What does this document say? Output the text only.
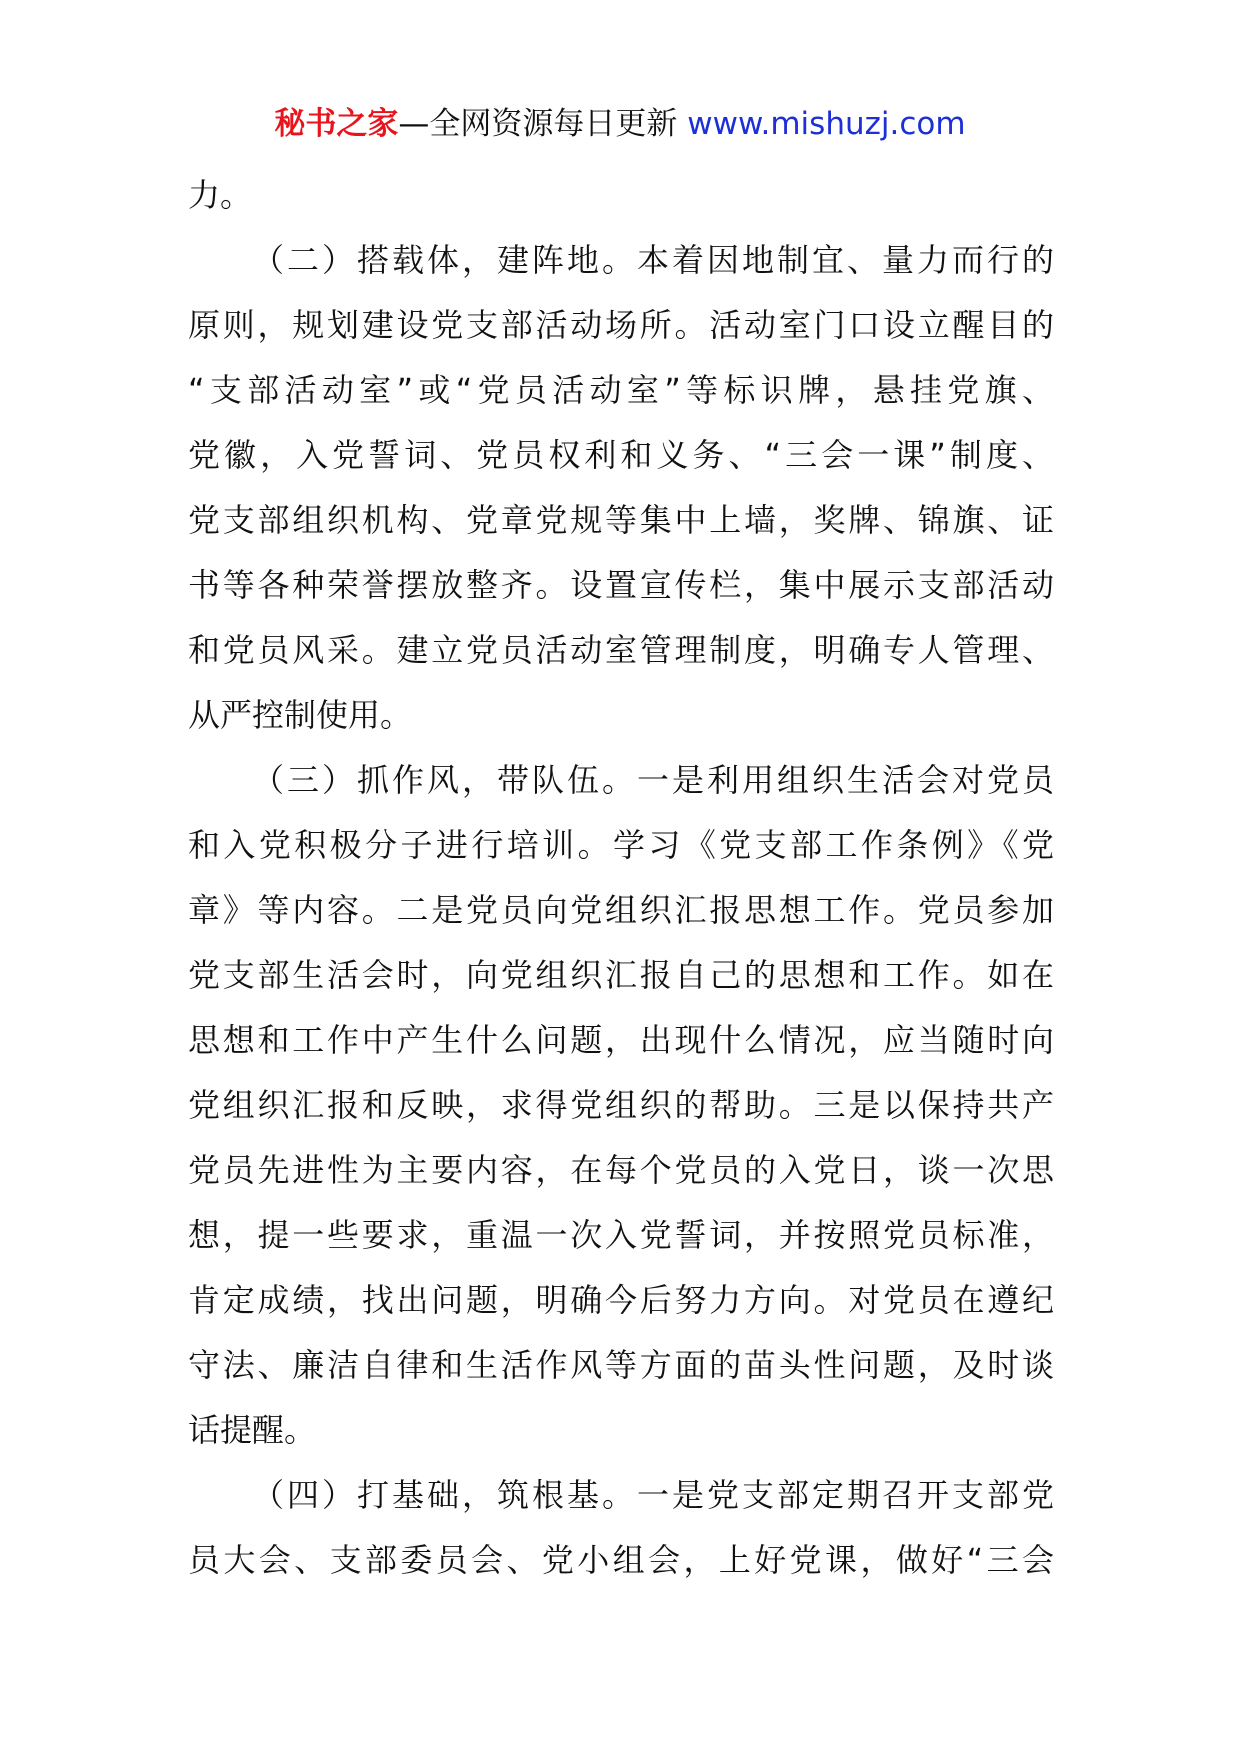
秘书之家—全网资源每日更新 www.mishuzj.com
力。
（二）搭载体，建阵地。本着因地制宜、量力而行的
原则，规划建设党支部活动场所。活动室门口设立醒目的
“支部活动室”或“党员活动室”等标识牌，悬挂党旗、
党徽，入党誓词、党员权利和义务、“三会一课”制度、
党支部组织机构、党章党规等集中上墙，奖牌、锦旗、证
书等各种荣誉摆放整齐。设置宣传栏，集中展示支部活动
和党员风采。建立党员活动室管理制度，明确专人管理、
从严控制使用。
（三）抓作风，带队伍。一是利用组织生活会对党员
和入党积极分子进行培训。学习《党支部工作条例》《党
章》等内容。二是党员向党组织汇报思想工作。党员参加
党支部生活会时，向党组织汇报自己的思想和工作。如在
思想和工作中产生什么问题，出现什么情况，应当随时向
党组织汇报和反映，求得党组织的帮助。三是以保持共产
党员先进性为主要内容，在每个党员的入党日，谈一次思
想，提一些要求，重温一次入党誓词，并按照党员标准，
肯定成绩，找出问题，明确今后努力方向。对党员在遵纪
守法、廉洁自律和生活作风等方面的苗头性问题，及时谈
话提醒。
（四）打基础，筑根基。一是党支部定期召开支部党
员大会、支部委员会、党小组会，上好党课，做好“三会
